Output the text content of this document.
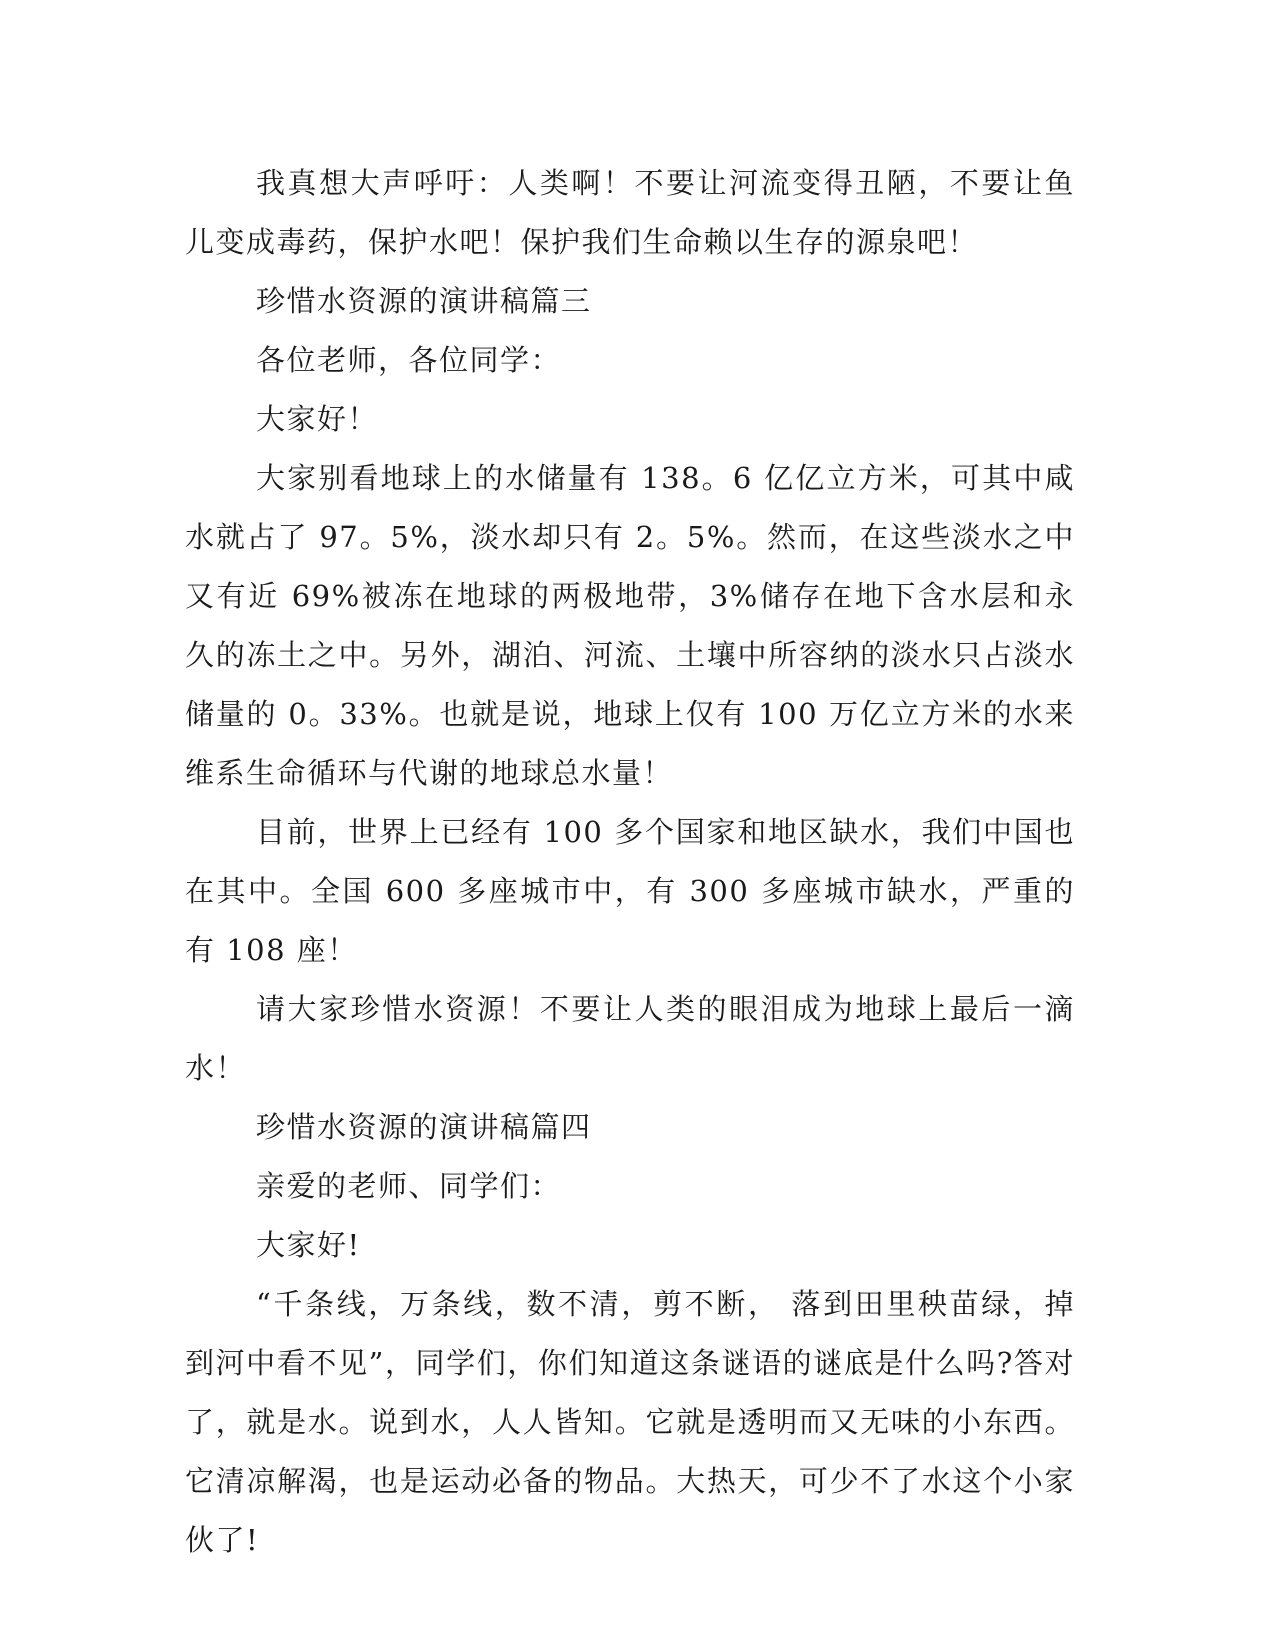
我真想大声呼吁：人类啊！不要让河流变得丑陋，不要让鱼儿变成毒药，保护水吧！保护我们生命赖以生存的源泉吧！

珍惜水资源的演讲稿篇三

各位老师，各位同学：

大家好！

大家别看地球上的水储量有 138。6 亿亿立方米，可其中咸水就占了 97。5%，淡水却只有 2。5%。然而，在这些淡水之中又有近 69%被冻在地球的两极地带，3%储存在地下含水层和永久的冻土之中。另外，湖泊、河流、土壤中所容纳的淡水只占淡水储量的 0。33%。也就是说，地球上仅有 100 万亿立方米的水来维系生命循环与代谢的地球总水量！

目前，世界上已经有 100 多个国家和地区缺水，我们中国也在其中。全国 600 多座城市中，有 300 多座城市缺水，严重的有 108 座！

请大家珍惜水资源！不要让人类的眼泪成为地球上最后一滴水！

珍惜水资源的演讲稿篇四

亲爱的老师、同学们：

大家好!

“千条线，万条线，数不清，剪不断， 落到田里秧苗绿，掉到河中看不见”，同学们，你们知道这条谜语的谜底是什么吗?答对了，就是水。说到水，人人皆知。它就是透明而又无味的小东西。它清凉解渴，也是运动必备的物品。大热天，可少不了水这个小家伙了!
